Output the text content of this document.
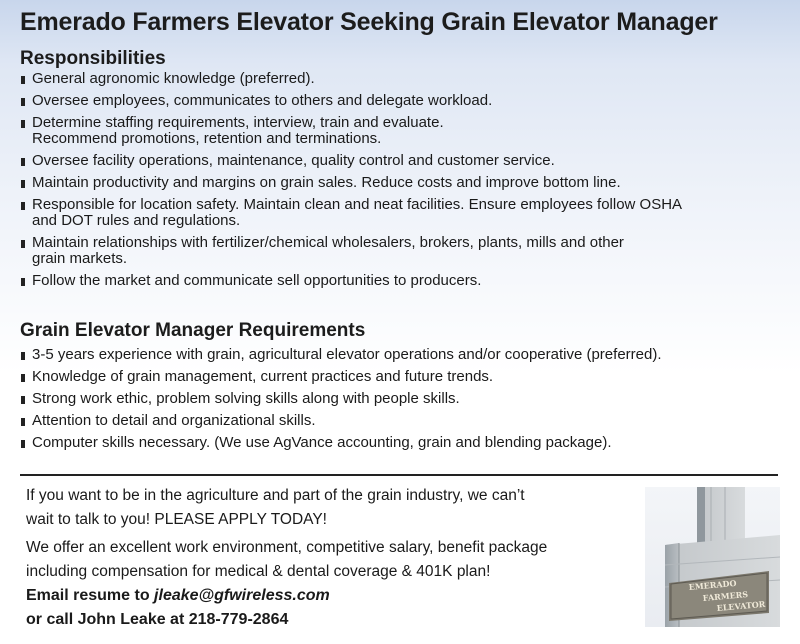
Emerado Farmers Elevator Seeking Grain Elevator Manager
Responsibilities
General agronomic knowledge (preferred).
Oversee employees, communicates to others and delegate workload.
Determine staffing requirements, interview, train and evaluate.
Recommend promotions, retention and terminations.
Oversee facility operations, maintenance, quality control and customer service.
Maintain productivity and margins on grain sales. Reduce costs and improve bottom line.
Responsible for location safety. Maintain clean and neat facilities. Ensure employees follow OSHA
and DOT rules and regulations.
Maintain relationships with fertilizer/chemical wholesalers, brokers, plants, mills and other
grain markets.
Follow the market and communicate sell opportunities to producers.
Grain Elevator Manager Requirements
3-5 years experience with grain, agricultural elevator operations and/or cooperative (preferred).
Knowledge of grain management, current practices and future trends.
Strong work ethic, problem solving skills along with people skills.
Attention to detail and organizational skills.
Computer skills necessary. (We use AgVance accounting, grain and blending package).

If you want to be in the agriculture and part of the grain industry, we can’t
wait to talk to you! PLEASE APPLY TODAY!

We offer an excellent work environment, competitive salary, benefit package
including compensation for medical & dental coverage & 401K plan!

Email resume to jleake@gfwireless.com
or call John Leake at 218-779-2864

EMERADO
FARMERS
ELEVATOR
